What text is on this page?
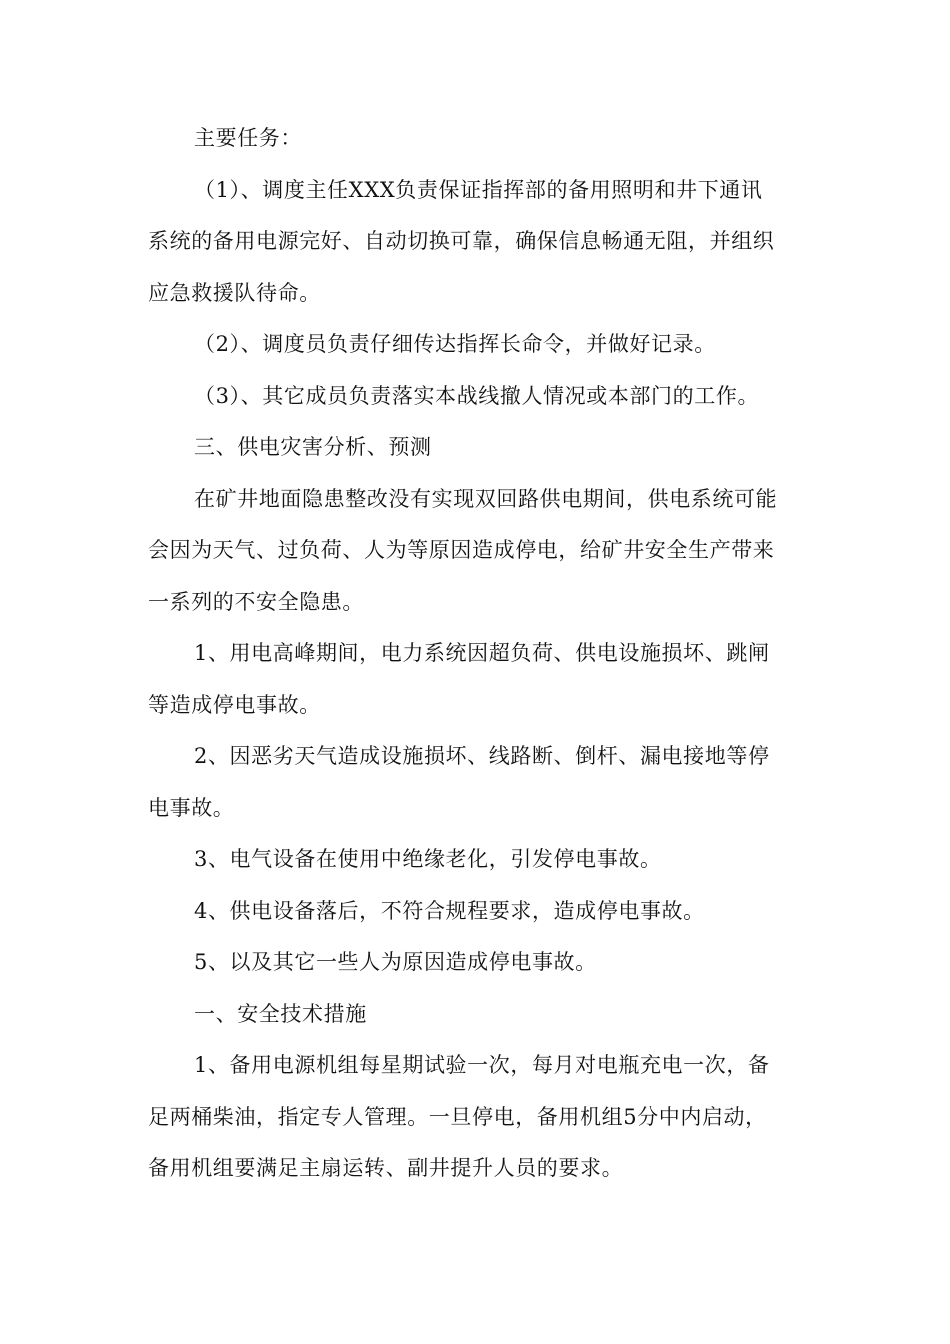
主要任务：

（1）、调度主任XXX负责保证指挥部的备用照明和井下通讯

系统的备用电源完好、自动切换可靠，确保信息畅通无阻，并组织

应急救援队待命。

（2）、调度员负责仔细传达指挥长命令，并做好记录。

（3）、其它成员负责落实本战线撤人情况或本部门的工作。

三、供电灾害分析、预测

在矿井地面隐患整改没有实现双回路供电期间，供电系统可能

会因为天气、过负荷、人为等原因造成停电，给矿井安全生产带来

一系列的不安全隐患。

1、用电高峰期间，电力系统因超负荷、供电设施损坏、跳闸

等造成停电事故。

2、因恶劣天气造成设施损坏、线路断、倒杆、漏电接地等停

电事故。

3、电气设备在使用中绝缘老化，引发停电事故。

4、供电设备落后，不符合规程要求，造成停电事故。

5、以及其它一些人为原因造成停电事故。

一、安全技术措施

1、备用电源机组每星期试验一次，每月对电瓶充电一次，备

足两桶柴油，指定专人管理。一旦停电，备用机组5分中内启动，

备用机组要满足主扇运转、副井提升人员的要求。
